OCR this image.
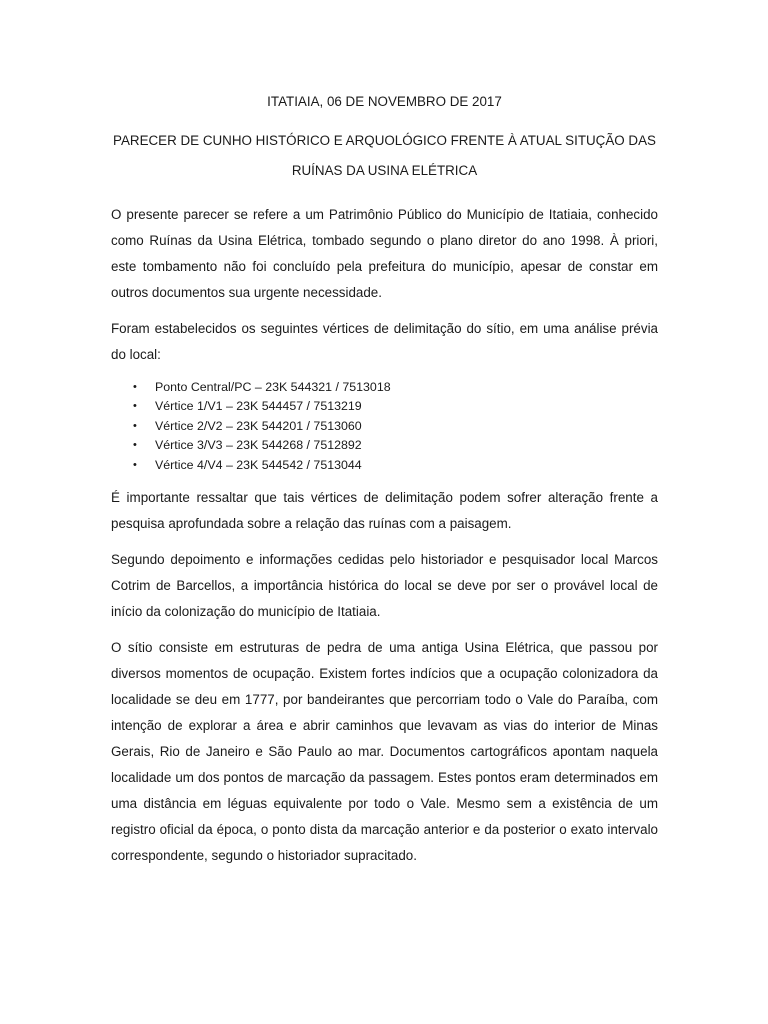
ITATIAIA, 06 DE NOVEMBRO DE 2017
PARECER DE CUNHO HISTÓRICO E ARQUOLÓGICO FRENTE À ATUAL SITUÇÃO DAS RUÍNAS DA USINA ELÉTRICA

O presente parecer se refere a um Patrimônio Público do Município de Itatiaia, conhecido como Ruínas da Usina Elétrica, tombado segundo o plano diretor do ano 1998. À priori, este tombamento não foi concluído pela prefeitura do município, apesar de constar em outros documentos sua urgente necessidade.

Foram estabelecidos os seguintes vértices de delimitação do sítio, em uma análise prévia do local:

• Ponto Central/PC – 23K 544321 / 7513018
• Vértice 1/V1 – 23K 544457 / 7513219
• Vértice 2/V2 – 23K 544201 / 7513060
• Vértice 3/V3 – 23K 544268 / 7512892
• Vértice 4/V4 – 23K 544542 / 7513044

É importante ressaltar que tais vértices de delimitação podem sofrer alteração frente a pesquisa aprofundada sobre a relação das ruínas com a paisagem.

Segundo depoimento e informações cedidas pelo historiador e pesquisador local Marcos Cotrim de Barcellos, a importância histórica do local se deve por ser o provável local de início da colonização do município de Itatiaia.

O sítio consiste em estruturas de pedra de uma antiga Usina Elétrica, que passou por diversos momentos de ocupação. Existem fortes indícios que a ocupação colonizadora da localidade se deu em 1777, por bandeirantes que percorriam todo o Vale do Paraíba, com intenção de explorar a área e abrir caminhos que levavam as vias do interior de Minas Gerais, Rio de Janeiro e São Paulo ao mar. Documentos cartográficos apontam naquela localidade um dos pontos de marcação da passagem. Estes pontos eram determinados em uma distância em léguas equivalente por todo o Vale. Mesmo sem a existência de um registro oficial da época, o ponto dista da marcação anterior e da posterior o exato intervalo correspondente, segundo o historiador supracitado.
